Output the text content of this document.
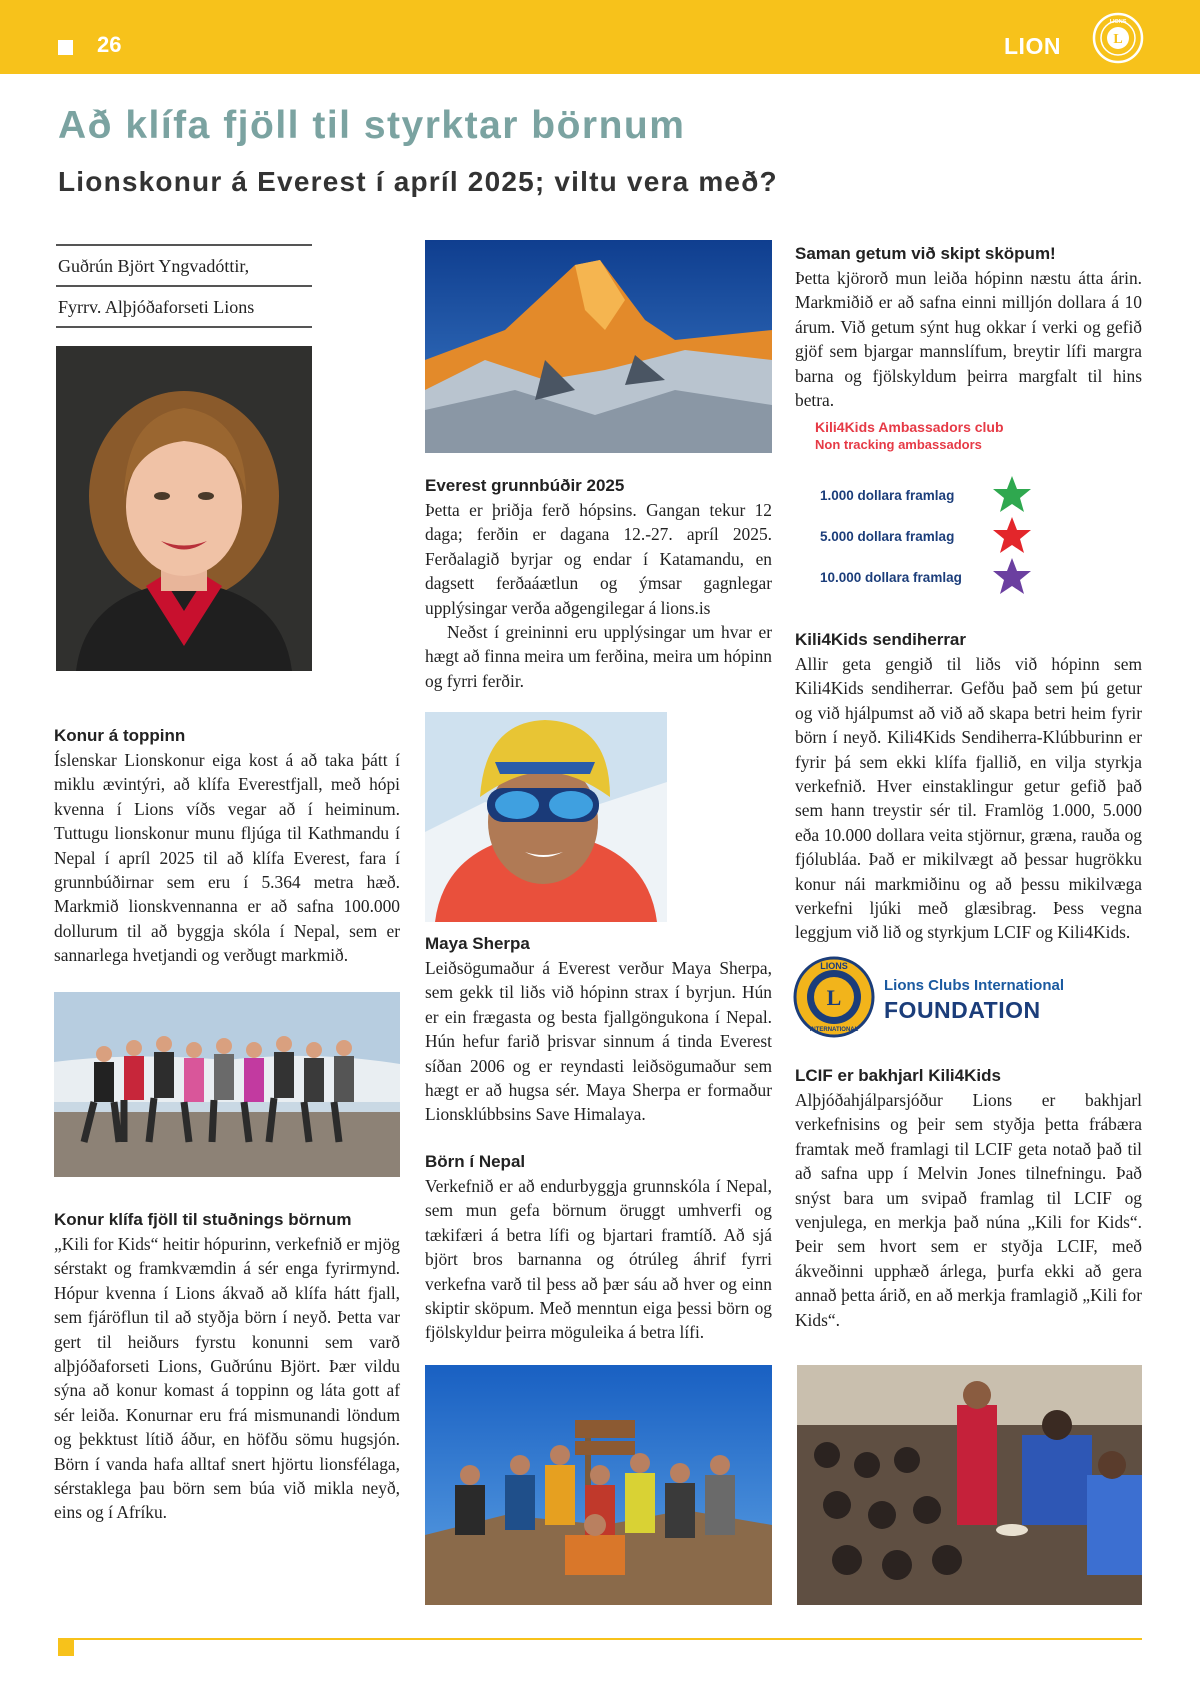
26	LION	L
LIONS
Að klífa fjöll til styrktar börnum
Lionskonur á Everest í apríl 2025; viltu vera með?
Guðrún Björt Yngvadóttir,
Fyrrv. Alþjóðaforseti Lions
Konur á toppinn

Íslenskar Lionskonur eiga kost á að taka þátt í miklu ævintýri, að klífa Everestfjall, með hópi kvenna í Lions víðs vegar að í heiminum. Tuttugu lionskonur munu fljúga til Kathmandu í Nepal í apríl 2025 til að klífa Everest, fara í grunnbúðirnar sem eru í 5.364 metra hæð. Markmið lionskvennanna er að safna 100.000 dollurum til að byggja skóla í Nepal, sem er sannarlega hvetjandi og verðugt markmið.

Konur klífa fjöll til stuðnings börnum

„Kili for Kids“ heitir hópurinn, verkefnið er mjög sérstakt og framkvæmdin á sér enga fyrirmynd. Hópur kvenna í Lions ákvað að klífa hátt fjall, sem fjáröflun til að styðja börn í neyð. Þetta var gert til heiðurs fyrstu konunni sem varð alþjóðaforseti Lions, Guðrúnu Björt. Þær vildu sýna að konur komast á toppinn og láta gott af sér leiða. Konurnar eru frá mismunandi löndum og þekktust lítið áður, en höfðu sömu hugsjón. Börn í vanda hafa alltaf snert hjörtu lionsfélaga, sérstaklega þau börn sem búa við mikla neyð, eins og í Afríku.

Everest grunnbúðir 2025

Þetta er þriðja ferð hópsins. Gangan tekur 12 daga; ferðin er dagana 12.-27. apríl 2025. Ferðalagið byrjar og endar í Katamandu, en dagsett ferðaáætlun og ýmsar gagnlegar upplýsingar verða aðgengilegar á lions.is

Neðst í greininni eru upplýsingar um hvar er hægt að finna meira um ferðina, meira um hópinn og fyrri ferðir.

Maya Sherpa

Leiðsögumaður á Everest verður Maya Sherpa, sem gekk til liðs við hópinn strax í byrjun. Hún er ein frægasta og besta fjallgöngukona í Nepal. Hún hefur farið þrisvar sinnum á tinda Everest síðan 2006 og er reyndasti leiðsögumaður sem hægt er að hugsa sér. Maya Sherpa er formaður Lionsklúbbsins Save Himalaya.

Börn í Nepal

Verkefnið er að endurbyggja grunnskóla í Nepal, sem mun gefa börnum öruggt umhverfi og tækifæri á betra lífi og bjartari framtíð. Að sjá björt bros barnanna og ótrúleg áhrif fyrri verkefna varð til þess að þær sáu að hver og einn skiptir sköpum. Með menntun eiga þessi börn og fjölskyldur þeirra möguleika á betra lífi.

Saman getum við skipt sköpum!

Þetta kjörorð mun leiða hópinn næstu átta árin. Markmiðið er að safna einni milljón dollara á 10 árum. Við getum sýnt hug okkar í verki og gefið gjöf sem bjargar mannslífum, breytir lífi margra barna og fjölskyldum þeirra margfalt til hins betra.

Kili4Kids Ambassadors club
Non tracking ambassadors
1.000 dollara framlag
5.000 dollara framlag
10.000 dollara framlag
Kili4Kids sendiherrar

Allir geta gengið til liðs við hópinn sem Kili4Kids sendiherrar. Gefðu það sem þú getur og við hjálpumst að við að skapa betri heim fyrir börn í neyð. Kili4Kids Sendiherra-Klúbburinn er fyrir þá sem ekki klífa fjallið, en vilja styrkja verkefnið. Hver einstaklingur getur gefið það sem hann treystir sér til. Framlög 1.000, 5.000 eða 10.000 dollara veita stjörnur, græna, rauða og fjólubláa. Það er mikilvægt að þessar hugrökku konur nái markmiðinu og að þessu mikilvæga verkefni ljúki með glæsibrag. Þess vegna leggjum við lið og styrkjum LCIF og Kili4Kids.

L
LIONS
INTERNATIONAL
Lions Clubs International
FOUNDATION
LCIF er bakhjarl Kili4Kids

Alþjóðahjálparsjóður Lions er bakhjarl verkefnisins og þeir sem styðja þetta frábæra framtak með framlagi til LCIF geta notað það til að safna upp í Melvin Jones tilnefningu. Það snýst bara um svipað framlag til LCIF og venjulega, en merkja það núna „Kili for Kids“. Þeir sem hvort sem er styðja LCIF, með ákveðinni upphæð árlega, þurfa ekki að gera annað þetta árið, en að merkja framlagið „Kili for Kids“.
